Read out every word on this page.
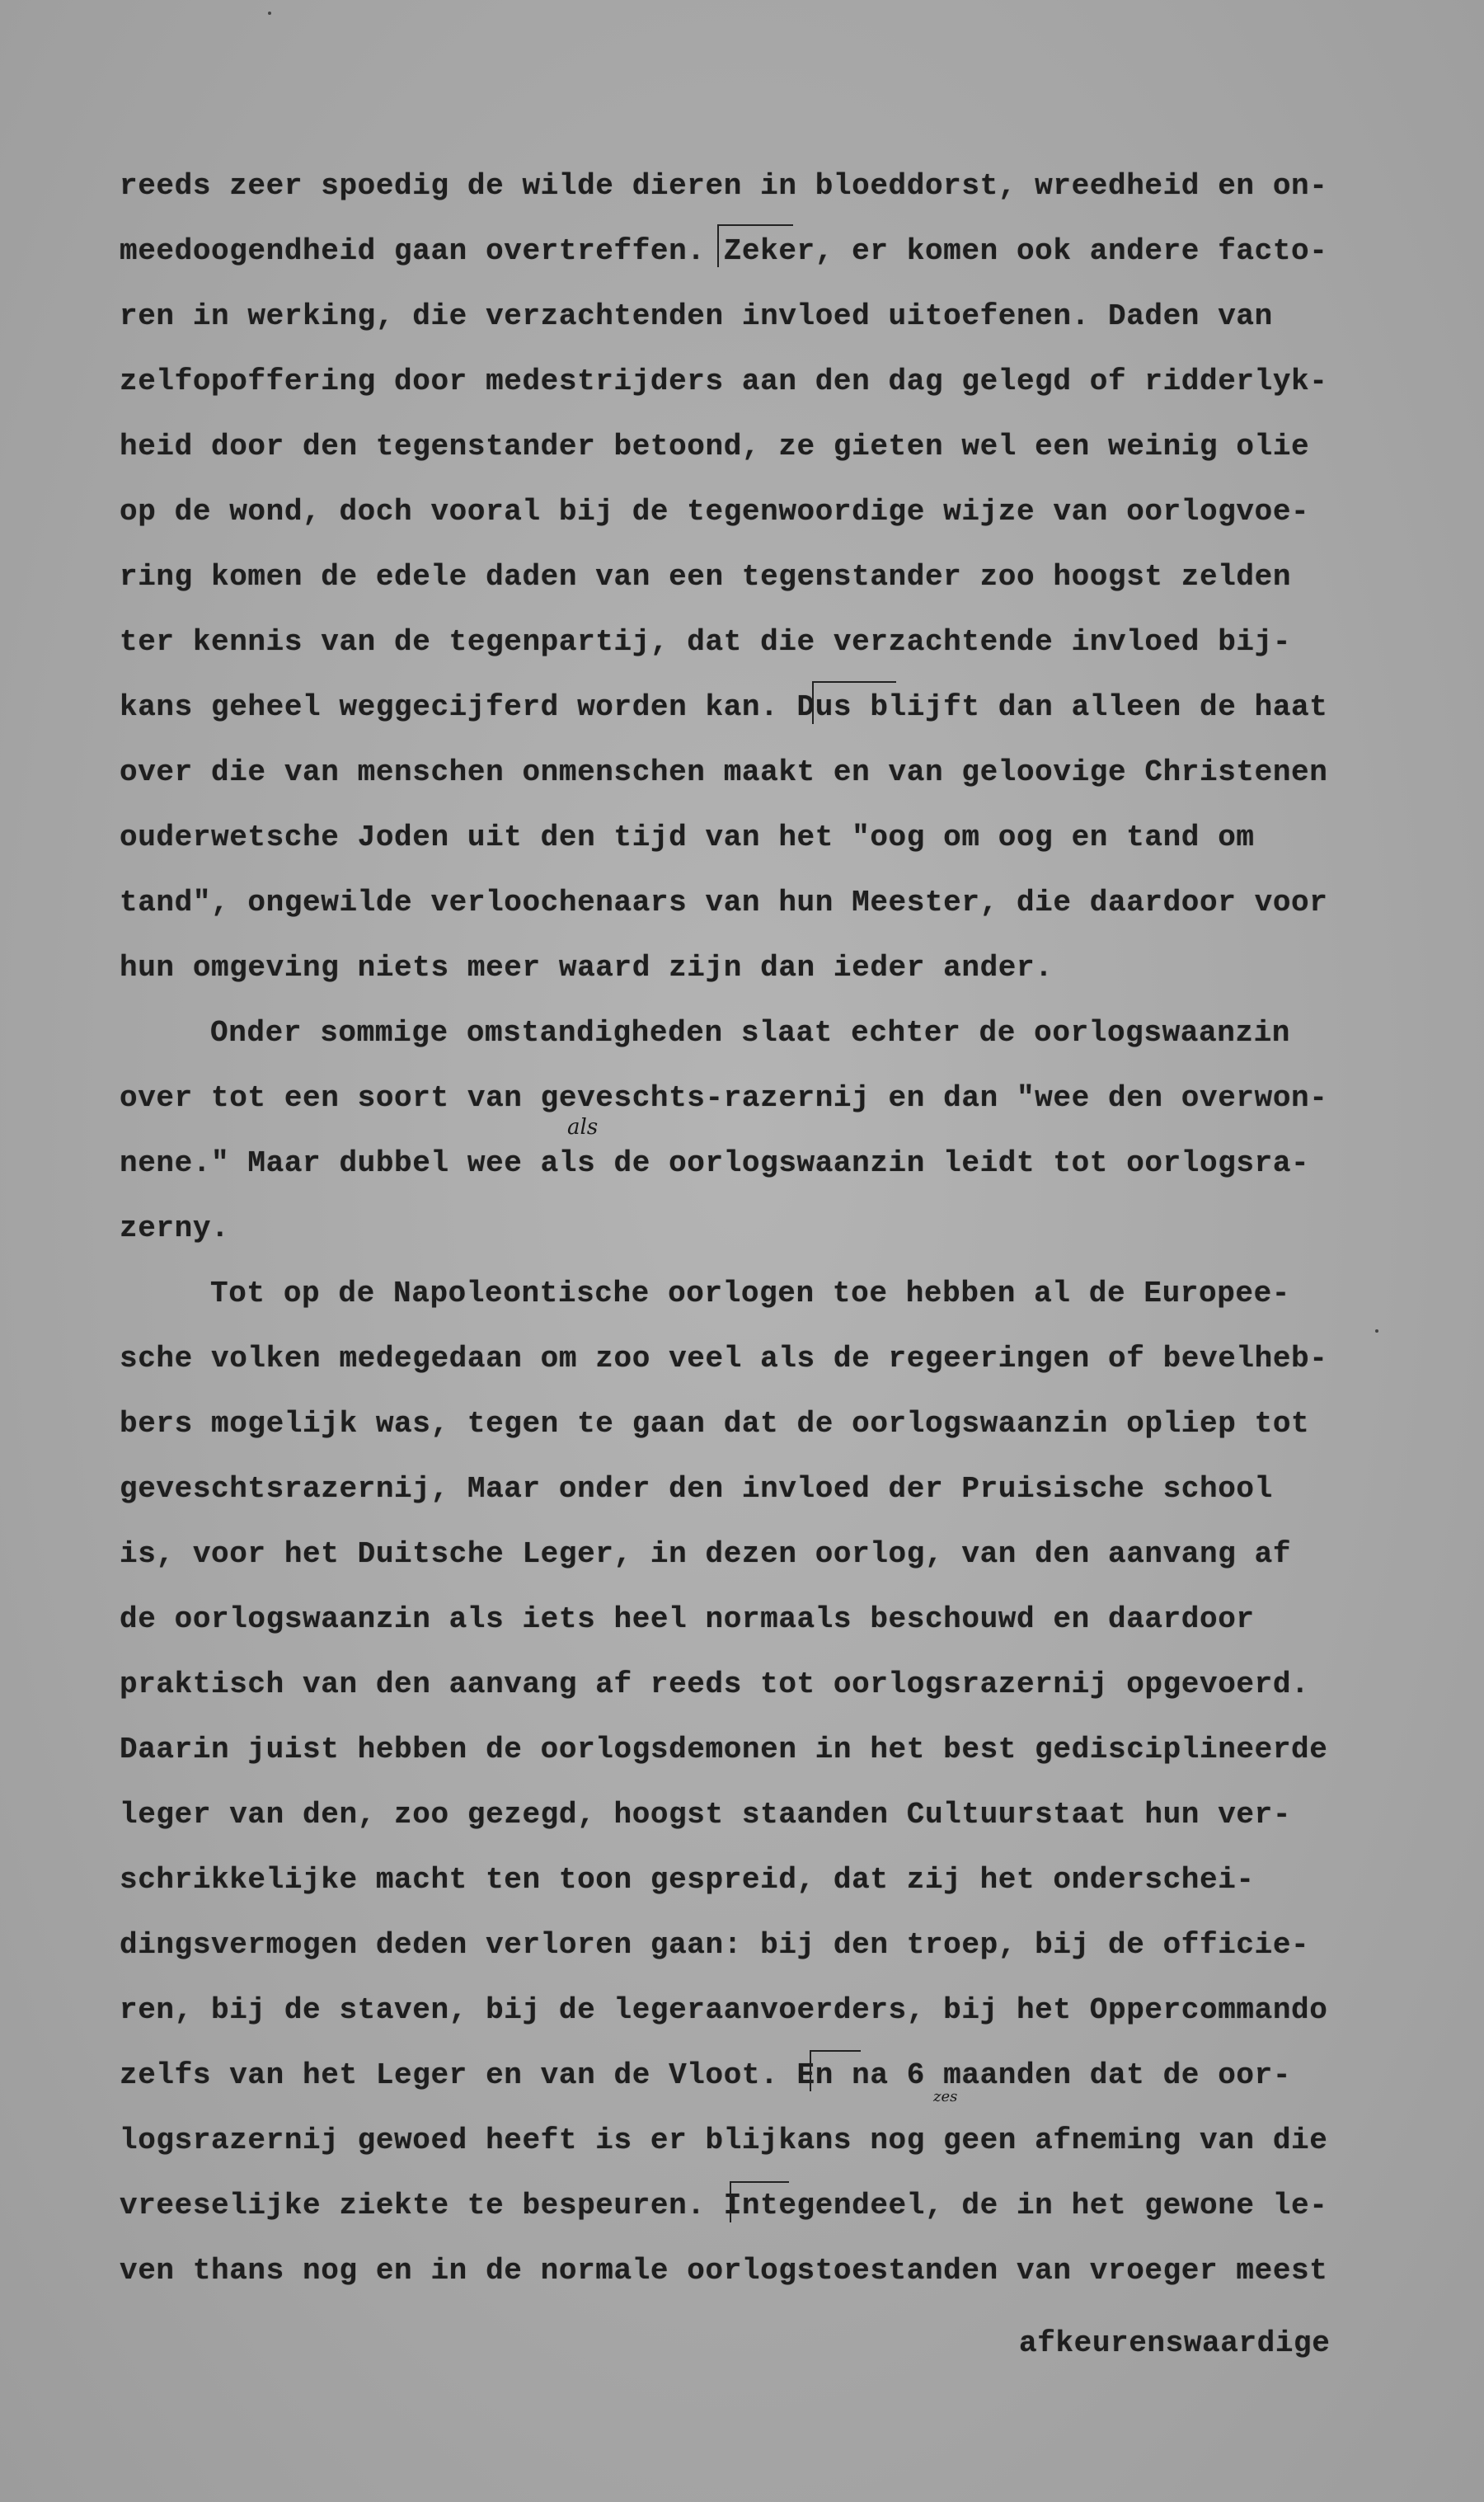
reeds zeer spoedig de wilde dieren in bloeddorst, wreedheid en on-
meedoogendheid gaan overtreffen. Zeker, er komen ook andere facto-
ren in werking, die verzachtenden invloed uitoefenen. Daden van
zelfopoffering door medestrijders aan den dag gelegd of ridderlyk-
heid door den tegenstander betoond, ze gieten wel een weinig olie
op de wond, doch vooral bij de tegenwoordige wijze van oorlogvoe-
ring komen de edele daden van een tegenstander zoo hoogst zelden
ter kennis van de tegenpartij, dat die verzachtende invloed bij-
kans geheel weggecijferd worden kan. Dus blijft dan alleen de haat
over die van menschen onmenschen maakt en van geloovige Christenen
ouderwetsche Joden uit den tijd van het "oog om oog en tand om
tand", ongewilde verloochenaars van hun Meester, die daardoor voor
hun omgeving niets meer waard zijn dan ieder ander.
Onder sommige omstandigheden slaat echter de oorlogswaanzin
over tot een soort van geveschts-razernij en dan "wee den overwon-
nene." Maar dubbel wee als de oorlogswaanzin leidt tot oorlogsra-
zerny.
Tot op de Napoleontische oorlogen toe hebben al de Europee-
sche volken medegedaan om zoo veel als de regeeringen of bevelheb-
bers mogelijk was, tegen te gaan dat de oorlogswaanzin opliep tot
geveschtsrazernij, Maar onder den invloed der Pruisische school
is, voor het Duitsche Leger, in dezen oorlog, van den aanvang af
de oorlogswaanzin als iets heel normaals beschouwd en daardoor
praktisch van den aanvang af reeds tot oorlogsrazernij opgevoerd.
Daarin juist hebben de oorlogsdemonen in het best gedisciplineerde
leger van den, zoo gezegd, hoogst staanden Cultuurstaat hun ver-
schrikkelijke macht ten toon gespreid, dat zij het onderschei-
dingsvermogen deden verloren gaan: bij den troep, bij de officie-
ren, bij de staven, bij de legeraanvoerders, bij het Oppercommando
zelfs van het Leger en van de Vloot. En na 6 maanden dat de oor-
logsrazernij gewoed heeft is er blijkans nog geen afneming van die
vreeselijke ziekte te bespeuren. Integendeel, de in het gewone le-
ven thans nog en in de normale oorlogstoestanden van vroeger meest
afkeurenswaardige
als
zes
